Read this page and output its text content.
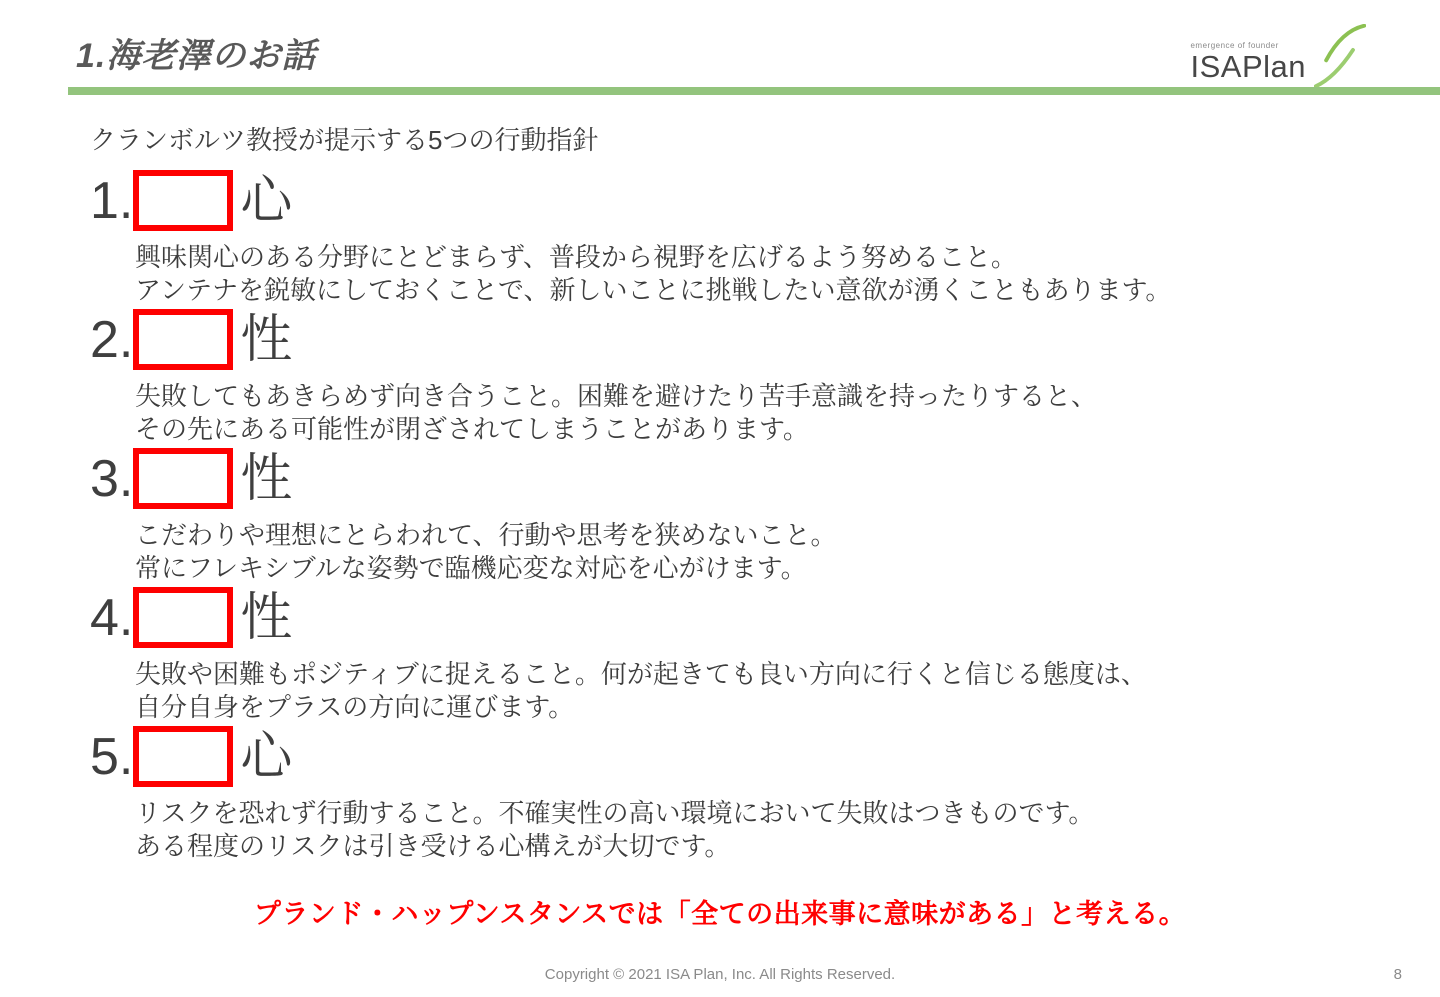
1.海老澤のお話	emergence of founder
ISAPlan

クランボルツ教授が提示する5つの行動指針

1. 心
興味関心のある分野にとどまらず、普段から視野を広げるよう努めること。
アンテナを鋭敏にしておくことで、新しいことに挑戦したい意欲が湧くこともあります。
2. 性
失敗してもあきらめず向き合うこと。困難を避けたり苦手意識を持ったりすると、
その先にある可能性が閉ざされてしまうことがあります。
3. 性
こだわりや理想にとらわれて、行動や思考を狭めないこと。
常にフレキシブルな姿勢で臨機応変な対応を心がけます。
4. 性
失敗や困難もポジティブに捉えること。何が起きても良い方向に行くと信じる態度は、
自分自身をプラスの方向に運びます。
5. 心
リスクを恐れず行動すること。不確実性の高い環境において失敗はつきものです。
ある程度のリスクは引き受ける心構えが大切です。

プランド・ハップンスタンスでは「全ての出来事に意味がある」と考える。

Copyright © 2021 ISA Plan, Inc. All Rights Reserved.	8
